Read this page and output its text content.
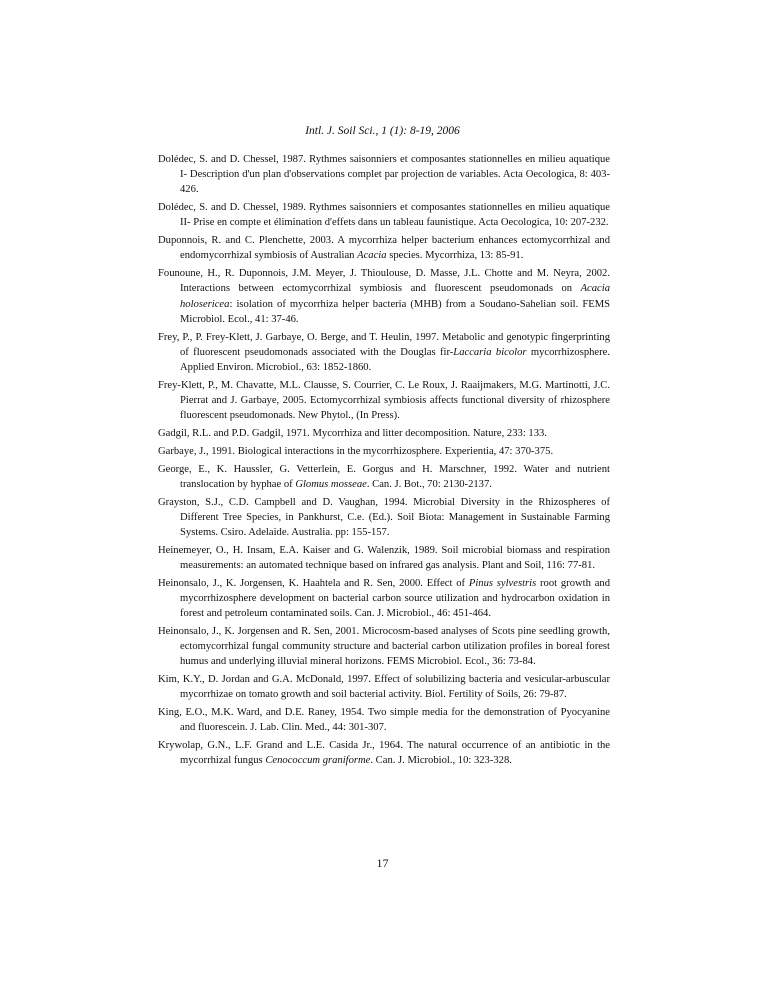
Intl. J. Soil Sci., 1 (1): 8-19, 2006
Dolédec, S. and D. Chessel, 1987. Rythmes saisonniers et composantes stationnelles en milieu aquatique I- Description d'un plan d'observations complet par projection de variables. Acta Oecologica, 8: 403-426.
Dolédec, S. and D. Chessel, 1989. Rythmes saisonniers et composantes stationnelles en milieu aquatique II- Prise en compte et élimination d'effets dans un tableau faunistique. Acta Oecologica, 10: 207-232.
Duponnois, R. and C. Plenchette, 2003. A mycorrhiza helper bacterium enhances ectomycorrhizal and endomycorrhizal symbiosis of Australian Acacia species. Mycorrhiza, 13: 85-91.
Founoune, H., R. Duponnois, J.M. Meyer, J. Thioulouse, D. Masse, J.L. Chotte and M. Neyra, 2002. Interactions between ectomycorrhizal symbiosis and fluorescent pseudomonads on Acacia holosericea: isolation of mycorrhiza helper bacteria (MHB) from a Soudano-Sahelian soil. FEMS Microbiol. Ecol., 41: 37-46.
Frey, P., P. Frey-Klett, J. Garbaye, O. Berge, and T. Heulin, 1997. Metabolic and genotypic fingerprinting of fluorescent pseudomonads associated with the Douglas fir-Laccaria bicolor mycorrhizosphere. Applied Environ. Microbiol., 63: 1852-1860.
Frey-Klett, P., M. Chavatte, M.L. Clausse, S. Courrier, C. Le Roux, J. Raaijmakers, M.G. Martinotti, J.C. Pierrat and J. Garbaye, 2005. Ectomycorrhizal symbiosis affects functional diversity of rhizosphere fluorescent pseudomonads. New Phytol., (In Press).
Gadgil, R.L. and P.D. Gadgil, 1971. Mycorrhiza and litter decomposition. Nature, 233: 133.
Garbaye, J., 1991. Biological interactions in the mycorrhizosphere. Experientia, 47: 370-375.
George, E., K. Haussler, G. Vetterlein, E. Gorgus and H. Marschner, 1992. Water and nutrient translocation by hyphae of Glomus mosseae. Can. J. Bot., 70: 2130-2137.
Grayston, S.J., C.D. Campbell and D. Vaughan, 1994. Microbial Diversity in the Rhizospheres of Different Tree Species, in Pankhurst, C.e. (Ed.). Soil Biota: Management in Sustainable Farming Systems. Csiro. Adelaide. Australia. pp: 155-157.
Heinemeyer, O., H. Insam, E.A. Kaiser and G. Walenzik, 1989. Soil microbial biomass and respiration measurements: an automated technique based on infrared gas analysis. Plant and Soil, 116: 77-81.
Heinonsalo, J., K. Jorgensen, K. Haahtela and R. Sen, 2000. Effect of Pinus sylvestris root growth and mycorrhizosphere development on bacterial carbon source utilization and hydrocarbon oxidation in forest and petroleum contaminated soils. Can. J. Microbiol., 46: 451-464.
Heinonsalo, J., K. Jorgensen and R. Sen, 2001. Microcosm-based analyses of Scots pine seedling growth, ectomycorrhizal fungal community structure and bacterial carbon utilization profiles in boreal forest humus and underlying illuvial mineral horizons. FEMS Microbiol. Ecol., 36: 73-84.
Kim, K.Y., D. Jordan and G.A. McDonald, 1997. Effect of solubilizing bacteria and vesicular-arbuscular mycorrhizae on tomato growth and soil bacterial activity. Biol. Fertility of Soils, 26: 79-87.
King, E.O., M.K. Ward, and D.E. Raney, 1954. Two simple media for the demonstration of Pyocyanine and fluorescein. J. Lab. Clin. Med., 44: 301-307.
Krywolap, G.N., L.F. Grand and L.E. Casida Jr., 1964. The natural occurrence of an antibiotic in the mycorrhizal fungus Cenococcum graniforme. Can. J. Microbiol., 10: 323-328.
17
